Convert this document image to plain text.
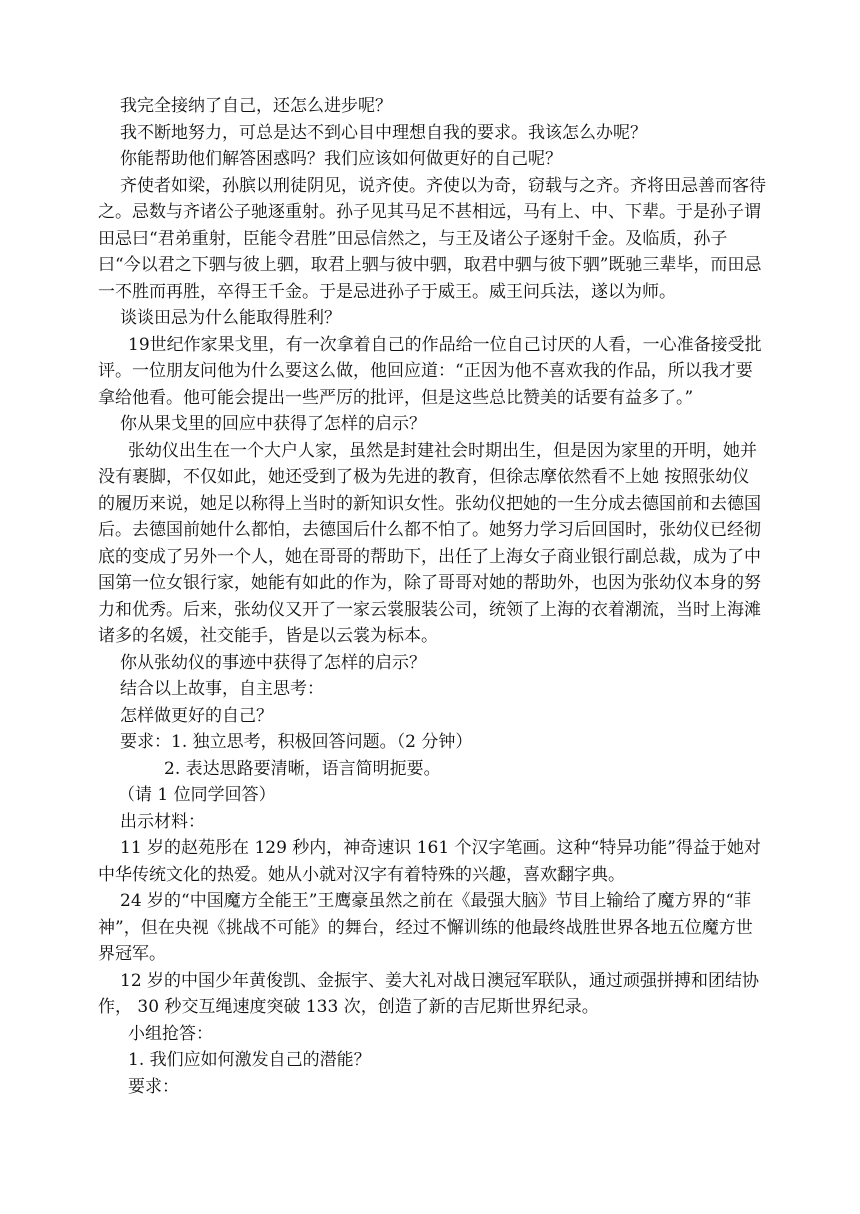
我完全接纳了自己，还怎么进步呢？

我不断地努力，可总是达不到心目中理想自我的要求。我该怎么办呢？

你能帮助他们解答困惑吗？我们应该如何做更好的自己呢？

齐使者如梁，孙膑以刑徒阴见，说齐使。齐使以为奇，窃载与之齐。齐将田忌善而客待之。忌数与齐诸公子驰逐重射。孙子见其马足不甚相远，马有上、中、下辈。于是孙子谓田忌曰“君弟重射，臣能令君胜”田忌信然之，与王及诸公子逐射千金。及临质，孙子曰“今以君之下驷与彼上驷，取君上驷与彼中驷，取君中驷与彼下驷”既驰三辈毕，而田忌一不胜而再胜，卒得王千金。于是忌进孙子于威王。威王问兵法，遂以为师。

谈谈田忌为什么能取得胜利？

19世纪作家果戈里，有一次拿着自己的作品给一位自己讨厌的人看，一心准备接受批评。一位朋友问他为什么要这么做，他回应道：“正因为他不喜欢我的作品，所以我才要拿给他看。他可能会提出一些严厉的批评，但是这些总比赞美的话要有益多了。”

你从果戈里的回应中获得了怎样的启示？

张幼仪出生在一个大户人家，虽然是封建社会时期出生，但是因为家里的开明，她并没有裹脚，不仅如此，她还受到了极为先进的教育，但徐志摩依然看不上她 按照张幼仪的履历来说，她足以称得上当时的新知识女性。张幼仪把她的一生分成去德国前和去德国后。去德国前她什么都怕，去德国后什么都不怕了。她努力学习后回国时，张幼仪已经彻底的变成了另外一个人，她在哥哥的帮助下，出任了上海女子商业银行副总裁，成为了中国第一位女银行家，她能有如此的作为，除了哥哥对她的帮助外，也因为张幼仪本身的努力和优秀。后来，张幼仪又开了一家云裳服装公司，统领了上海的衣着潮流，当时上海滩诸多的名媛，社交能手，皆是以云裳为标本。

你从张幼仪的事迹中获得了怎样的启示？

结合以上故事，自主思考：

怎样做更好的自己？

要求：1. 独立思考，积极回答问题。（2 分钟）

2. 表达思路要清晰，语言简明扼要。

（请 1 位同学回答）

出示材料：

11 岁的赵苑彤在 129 秒内，神奇速识 161 个汉字笔画。这种“特异功能”得益于她对中华传统文化的热爱。她从小就对汉字有着特殊的兴趣，喜欢翻字典。

24 岁的“中国魔方全能王”王鹰豪虽然之前在《最强大脑》节目上输给了魔方界的“菲神”，但在央视《挑战不可能》的舞台，经过不懈训练的他最终战胜世界各地五位魔方世界冠军。

12 岁的中国少年黄俊凯、金振宇、姜大礼对战日澳冠军联队，通过顽强拼搏和团结协作， 30 秒交互绳速度突破 133 次，创造了新的吉尼斯世界纪录。

小组抢答：

1. 我们应如何激发自己的潜能？

要求：
